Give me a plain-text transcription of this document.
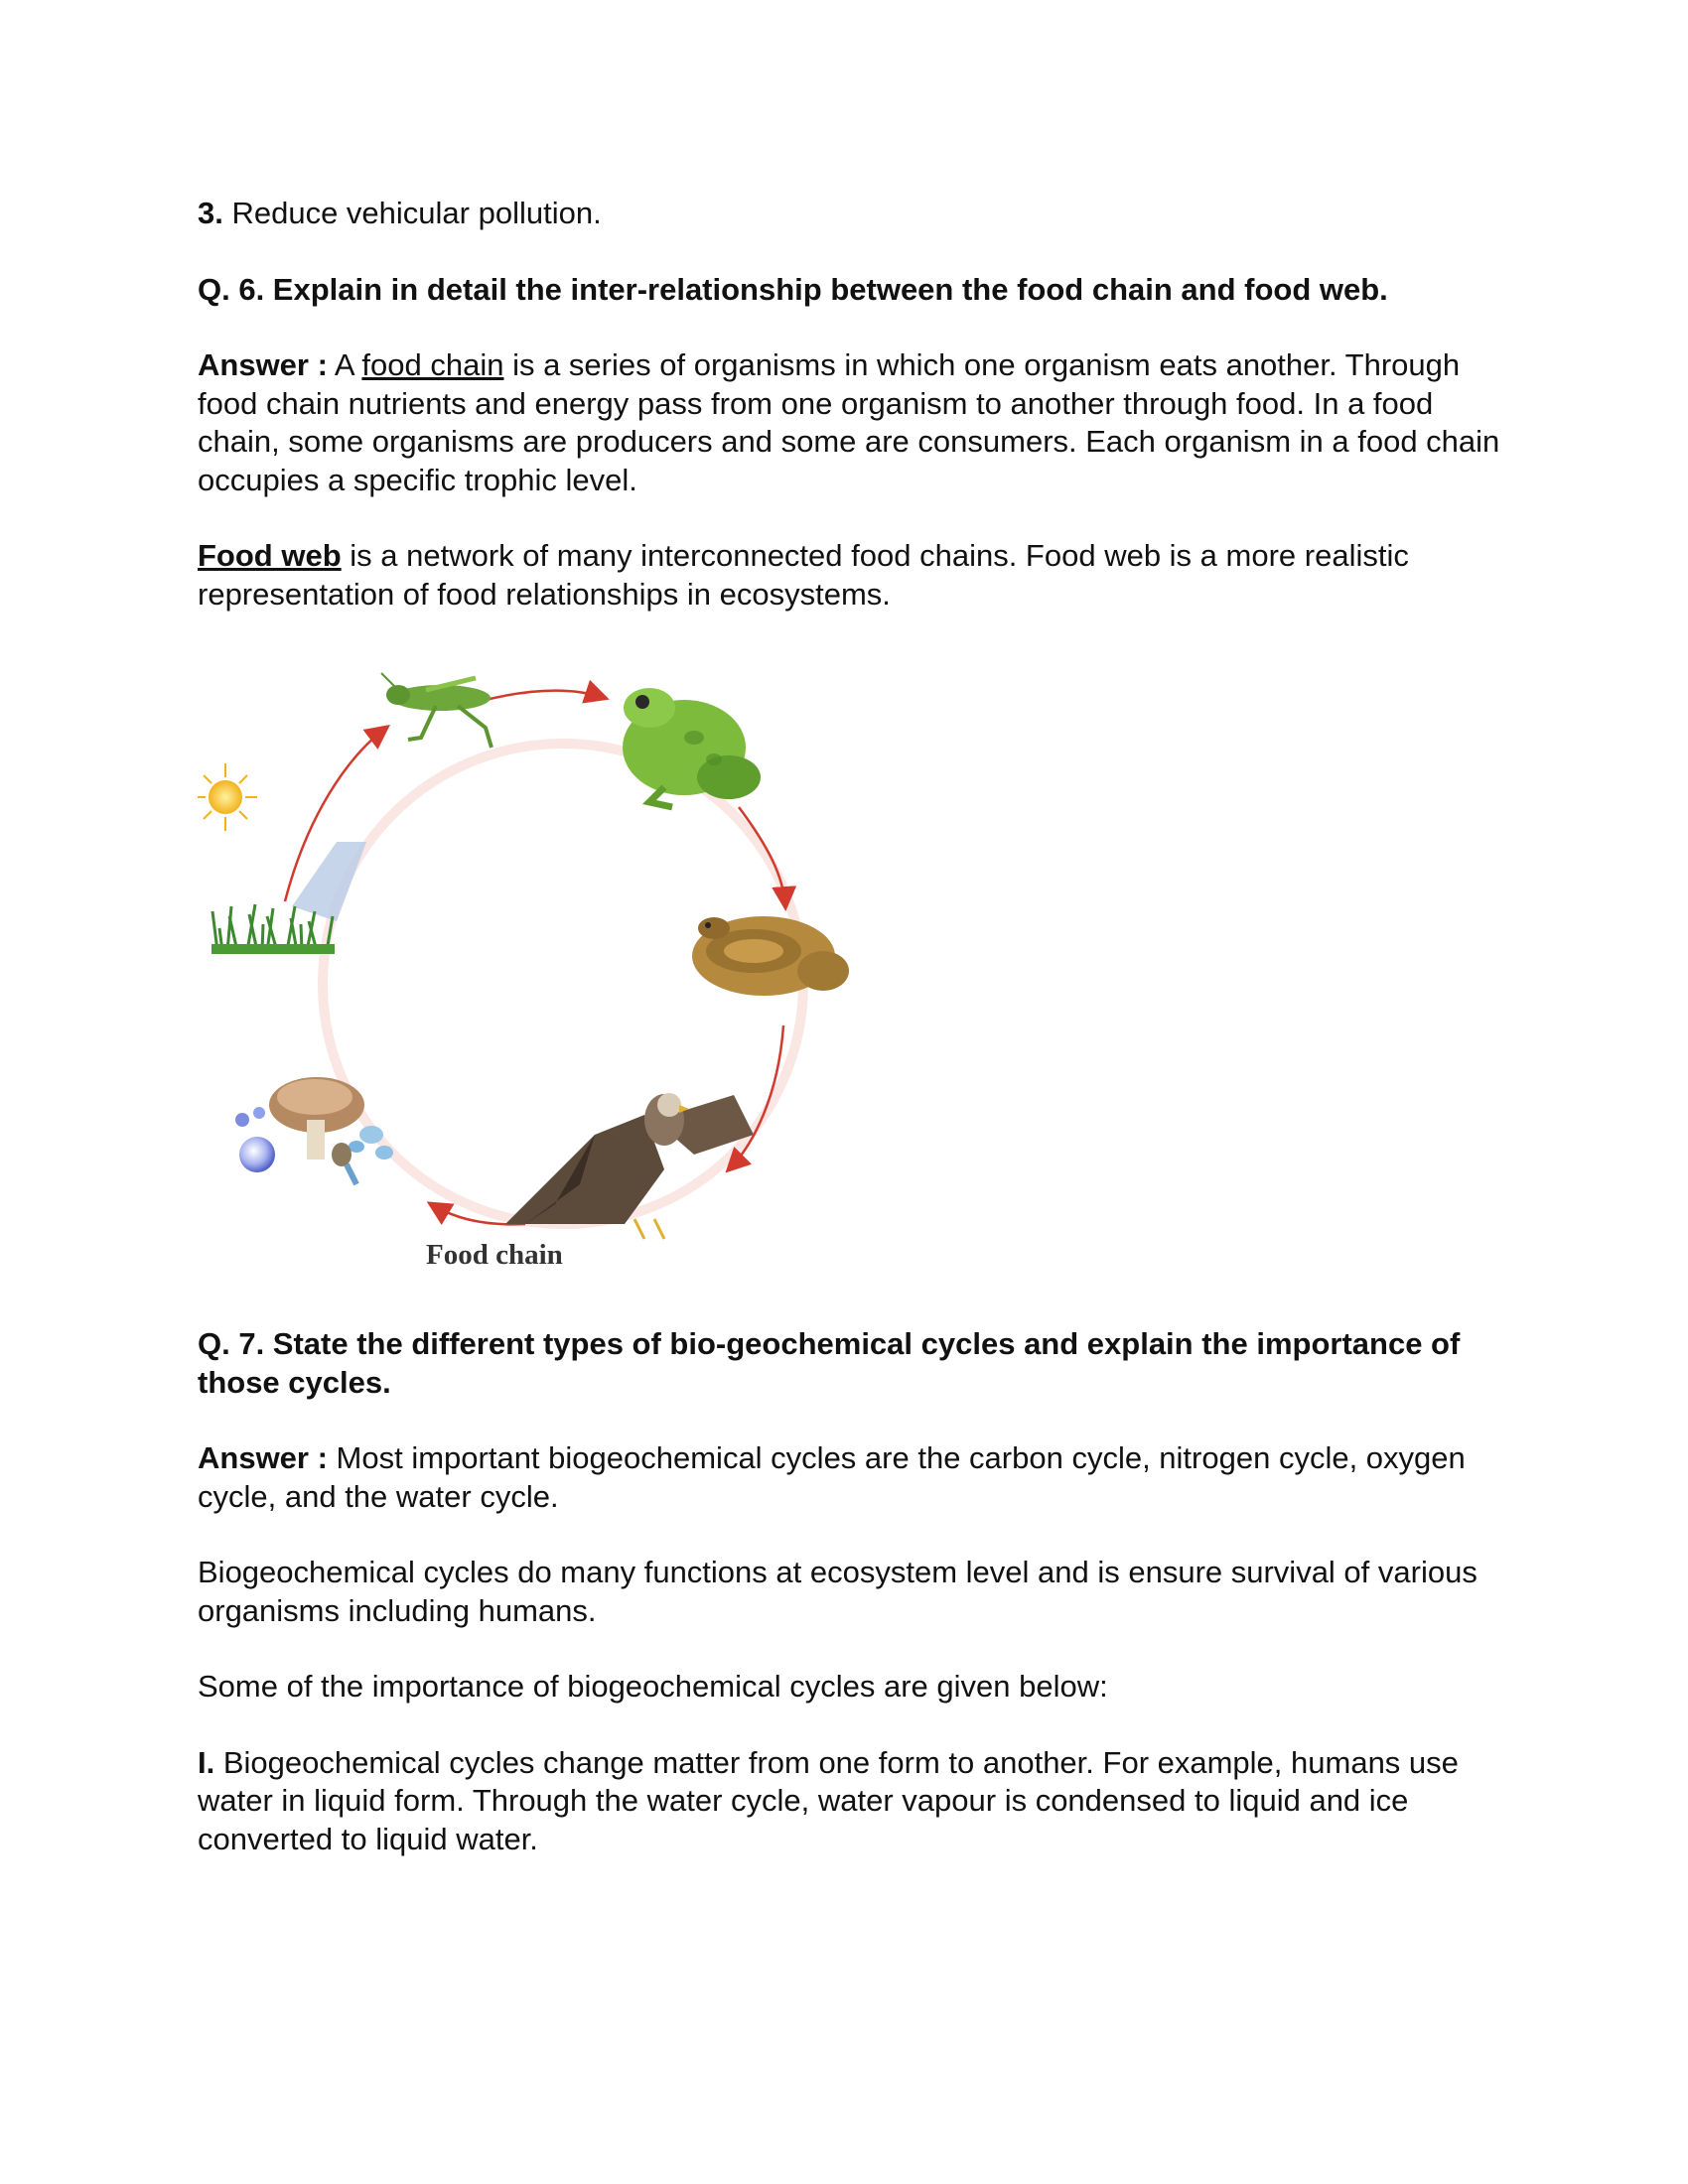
3. Reduce vehicular pollution.

Q. 6. Explain in detail the inter-relationship between the food chain and food web.

Answer : A food chain is a series of organisms in which one organism eats another. Through food chain nutrients and energy pass from one organism to another through food. In a food chain, some organisms are producers and some are consumers. Each organism in a food chain occupies a specific trophic level.

Food web is a network of many interconnected food chains. Food web is a more realistic representation of food relationships in ecosystems.

Food chain

Q. 7. State the different types of bio-geochemical cycles and explain the importance of those cycles.

Answer : Most important biogeochemical cycles are the carbon cycle, nitrogen cycle, oxygen cycle, and the water cycle.

Biogeochemical cycles do many functions at ecosystem level and is ensure survival of various organisms including humans.

Some of the importance of biogeochemical cycles are given below:

I. Biogeochemical cycles change matter from one form to another. For example, humans use water in liquid form. Through the water cycle, water vapour is condensed to liquid and ice converted to liquid water.
